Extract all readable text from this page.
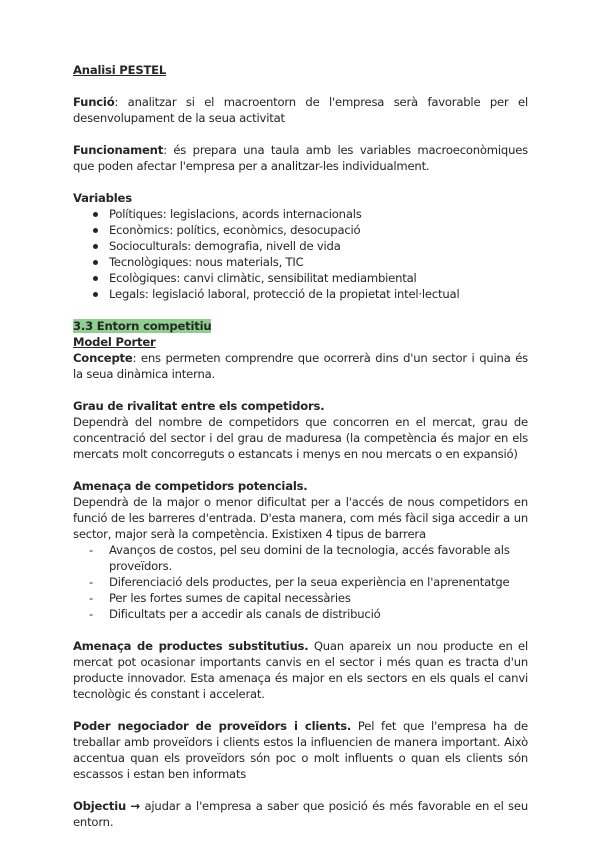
Analisi PESTEL

Funció: analitzar si el macroentorn de l'empresa serà favorable per el desenvolupament de la seua activitat

Funcionament: és prepara una taula amb les variables macroeconòmiques que poden afectar l'empresa per a analitzar-les individualment.

Variables

Polítiques: legislacions, acords internacionals
Econòmics: polítics, econòmics, desocupació
Socioculturals: demografia, nivell de vida
Tecnològiques: nous materials, TIC
Ecològiques: canvi climàtic, sensibilitat mediambiental
Legals: legislació laboral, protecció de la propietat intel·lectual

3.3 Entorn competitiu

Model Porter

Concepte: ens permeten comprendre que ocorrerà dins d'un sector i quina és la seua dinàmica interna.

Grau de rivalitat entre els competidors.

Dependrà del nombre de competidors que concorren en el mercat, grau de concentració del sector i del grau de maduresa (la competència és major en els mercats molt concorreguts o estancats i menys en nou mercats o en expansió)

Amenaça de competidors potencials.

Dependrà de la major o menor dificultat per a l'accés de nous competidors en funció de les barreres d'entrada. D'esta manera, com més fàcil siga accedir a un sector, major serà la competència. Existixen 4 tipus de barrera

- Avanços de costos, pel seu domini de la tecnologia, accés favorable als proveïdors.
- Diferenciació dels productes, per la seua experiència en l'aprenentatge
- Per les fortes sumes de capital necessàries
- Dificultats per a accedir als canals de distribució

Amenaça de productes substitutius. Quan apareix un nou producte en el mercat pot ocasionar importants canvis en el sector i més quan es tracta d'un producte innovador. Esta amenaça és major en els sectors en els quals el canvi tecnològic és constant i accelerat.

Poder negociador de proveïdors i clients. Pel fet que l'empresa ha de treballar amb proveïdors i clients estos la influencien de manera important. Això accentua quan els proveïdors són poc o molt influents o quan els clients són escassos i estan ben informats

Objectiu → ajudar a l'empresa a saber que posició és més favorable en el seu entorn.
